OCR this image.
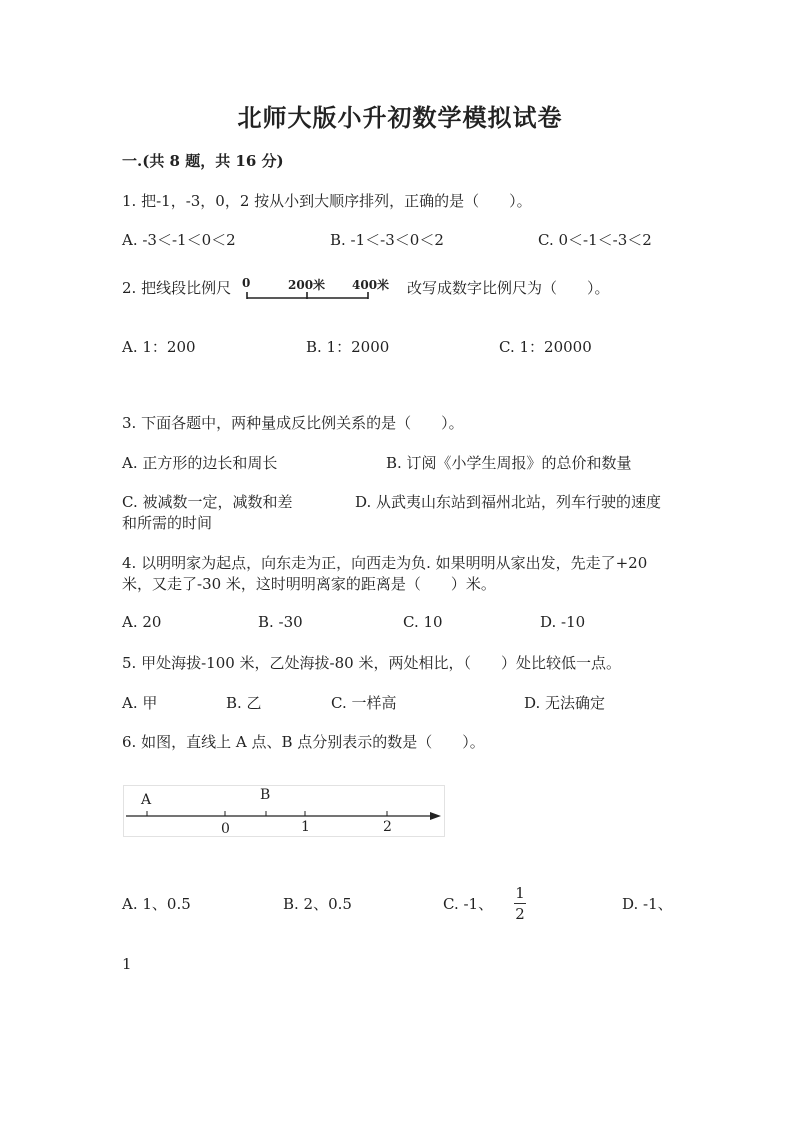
北师大版小升初数学模拟试卷
一.(共 8 题，共 16 分)
1. 把-1，-3，0，2 按从小到大顺序排列，正确的是（　　）。
A. -3＜-1＜0＜2	B. -1＜-3＜0＜2	C. 0＜-1＜-3＜2
2. 把线段比例尺 0	200米 400米 改写成数字比例尺为（　　）。
A. 1：200	B. 1：2000	C. 1：20000
3. 下面各题中，两种量成反比例关系的是（　　）。
A. 正方形的边长和周长	B. 订阅《小学生周报》的总价和数量
C. 被减数一定，减数和差	D. 从武夷山东站到福州北站，列车行驶的速度
和所需的时间
4. 以明明家为起点，向东走为正，向西走为负. 如果明明从家出发，先走了+20
米，又走了-30 米，这时明明离家的距离是（　　）米。
A. 20	B. -30	C. 10	D. -10
5. 甲处海拔-100 米，乙处海拔-80 米，两处相比，（　　）处比较低一点。
A. 甲	B. 乙	C. 一样高	D. 无法确定
6. 如图，直线上 A 点、B 点分别表示的数是（　　）。
A	B
0	1	2
A. 1、0.5	B. 2、0.5	C. -1、
1
2
D. -1、
1
